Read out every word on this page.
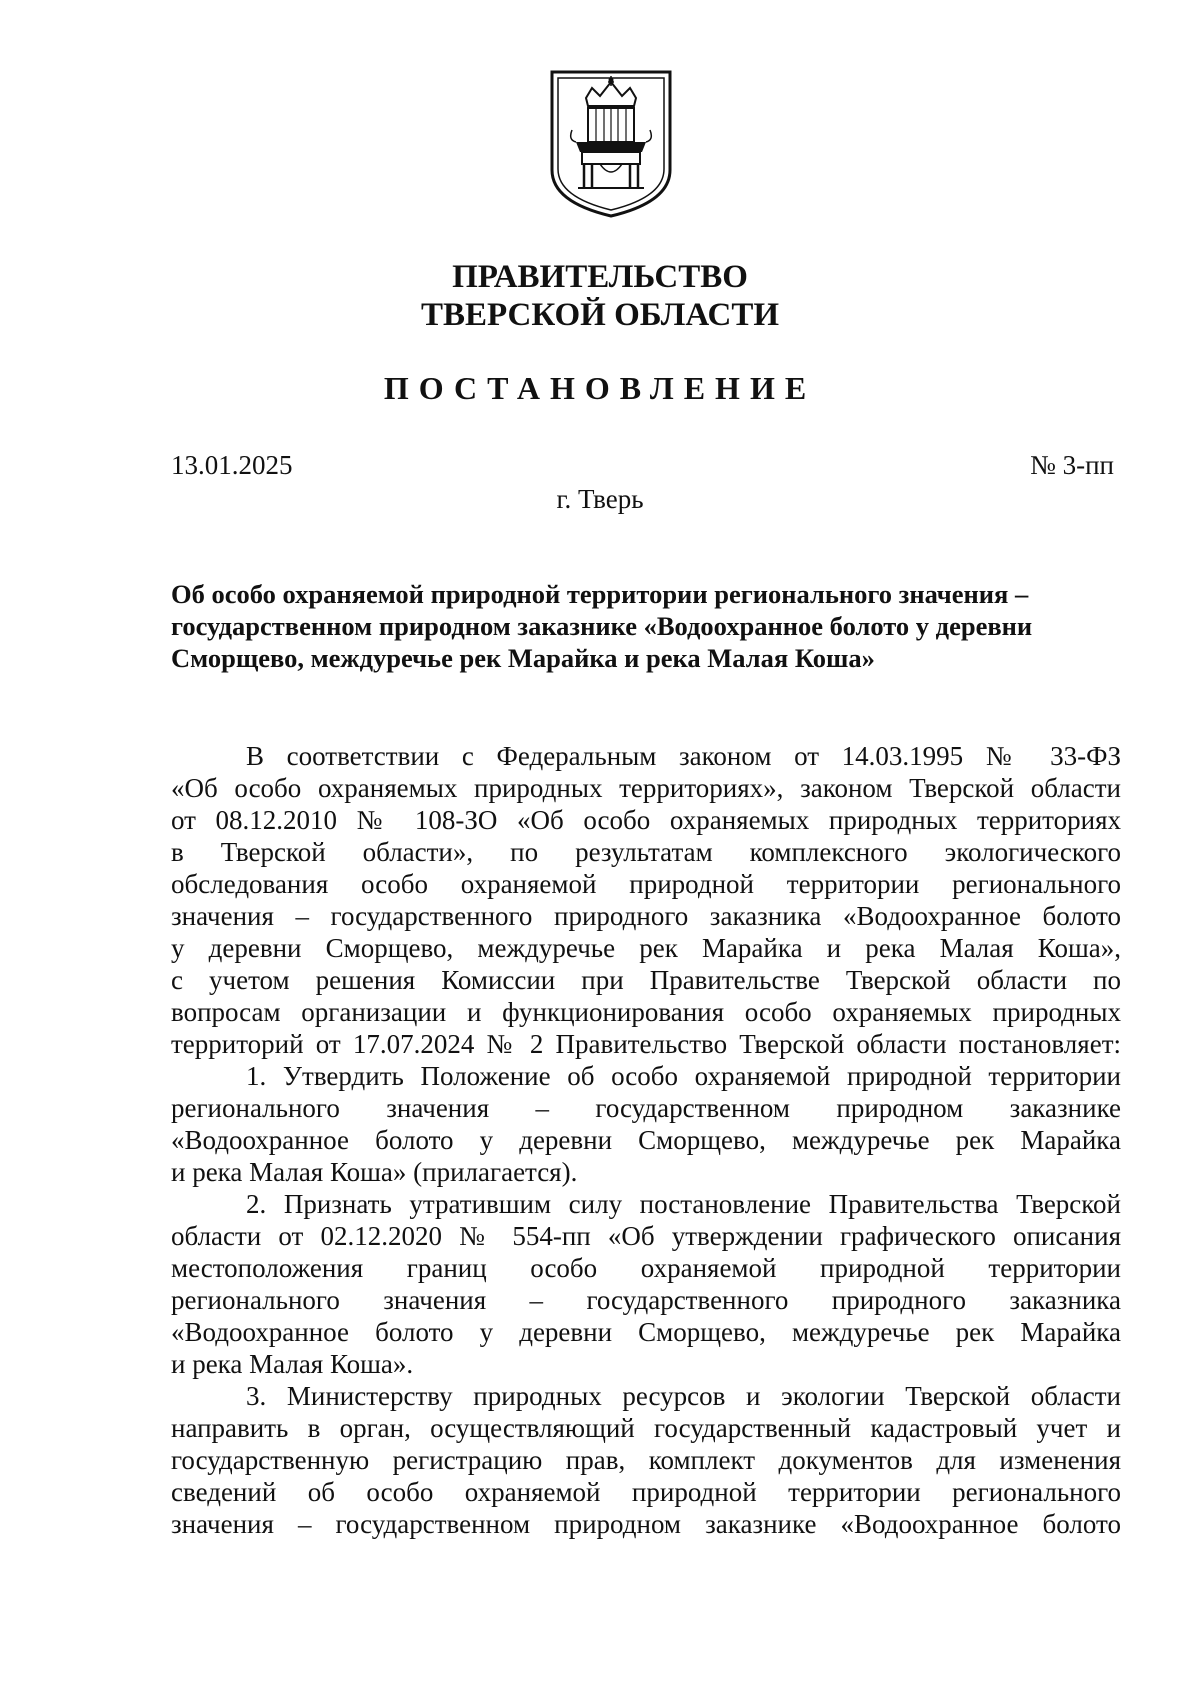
ПРАВИТЕЛЬСТВО
ТВЕРСКОЙ ОБЛАСТИ
ПОСТАНОВЛЕНИЕ
13.01.2025	№ 3-пп
г. Тверь
Об особо охраняемой природной территории регионального значения –
государственном природном заказнике «Водоохранное болото у деревни
Сморщево, междуречье рек Марайка и река Малая Коша»
В соответствии с Федеральным законом от 14.03.1995 № 33-ФЗ
«Об особо охраняемых природных территориях», законом Тверской области
от 08.12.2010 № 108-ЗО «Об особо охраняемых природных территориях
в Тверской области», по результатам комплексного экологического
обследования особо охраняемой природной территории регионального
значения – государственного природного заказника «Водоохранное болото
у деревни Сморщево, междуречье рек Марайка и река Малая Коша»,
с учетом решения Комиссии при Правительстве Тверской области по
вопросам организации и функционирования особо охраняемых природных
территорий от 17.07.2024 № 2 Правительство Тверской области постановляет:
1. Утвердить Положение об особо охраняемой природной территории
регионального значения – государственном природном заказнике
«Водоохранное болото у деревни Сморщево, междуречье рек Марайка
и река Малая Коша» (прилагается).
2. Признать утратившим силу постановление Правительства Тверской
области от 02.12.2020 № 554-пп «Об утверждении графического описания
местоположения границ особо охраняемой природной территории
регионального значения – государственного природного заказника
«Водоохранное болото у деревни Сморщево, междуречье рек Марайка
и река Малая Коша».
3. Министерству природных ресурсов и экологии Тверской области
направить в орган, осуществляющий государственный кадастровый учет и
государственную регистрацию прав, комплект документов для изменения
сведений об особо охраняемой природной территории регионального
значения – государственном природном заказнике «Водоохранное болото
